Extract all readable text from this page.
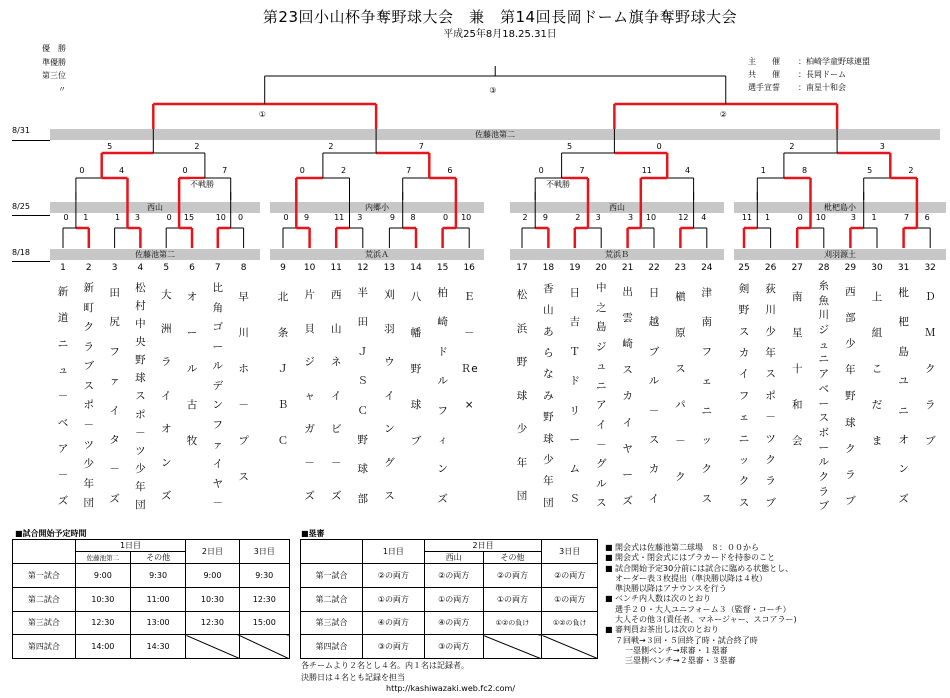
第23回小山杯争奪野球大会　兼　第14回長岡ドーム旗争奪野球大会
平成25年8月18.25.31日
優　勝
準優勝
第三位
〃
主　　催	：柏崎学童野球連盟
共　　催	：長岡ドーム
選手宣誓	：南星十和会
8/31
8/25
8/18
佐藤池第二
西山	内郷小	西山	枇杷島小
佐藤池第二	荒浜Ａ	荒浜Ｂ	刈羽源土
0	1	1	3	0	15	10	0	0	9	11	3	9	8	0	10	2	9	2	3	3	10	12	4	11	1	0	10	3	1	7	6
0	4	0	7	0	2	7	6	0	7	11	4	1	8	5	2
5	2	2	7	5	0	2	3
①	②
③
不戦勝	不戦勝
1
新道ニュ－ベア－ズ
2
新町クラブスポ－ツ少年団
3
田尻ファイタ－ズ
4
松村中央野球スポ－ツ少年団
5
大洲ライオンズ
6
オール古牧
7
比角ゴールデンファイヤ－
8
早川ホ－プス
9
北条ＪＢＣ
10
片貝ジャガ－ズ
11
西山ネイビ－ズ
12
半田ＪＳＣ野球部
13
刈羽ウイングス
14
八幡野球ブ
15
柏崎ドルフィンズ
16
Ｅ－Ｒe×
17
松浜野球少年団
18
香山あらなみ野球少年団
19
日吉ＴドリームＳ
20
中之島ジュニアイ－グルス
21
出雲崎スカイヤーズ
22
日越ブル－スカイ
23
槇原スパ－ク
24
津南フェニックス
25
剣野スカイフェニックス
26
荻川少年スポ－ツクラブ
27
南星十和会
28
糸魚川ジュニアベースボールクラブ
29
西部少年野球クラブ
30
上組こだま
31
枇杷島ユニオンズ
32
ＤＭクラブ
■試合開始予定時間
	1日目		2日目	3日目
	佐藤池第二	その他		
第一試合	9:00	9:30	9:00	9:30
第二試合	10:30	11:00	10:30	12:30
第三試合	12:30	13:00	12:30	15:00
第四試合	14:00	14:30		
■塁審
	1日目	2日目		3日目
		西山	その他	
第一試合	②の両方	②の両方	②の両方	②の両方
第二試合	①の両方	①の両方	①の両方	①の両方
第三試合	④の両方	④の両方	①②の負け	①②の負け
第四試合	③の両方	③の両方		
各チームより２名とし４名。内１名は記録者。
決勝日は４名とも記録を担当
http://kashiwazaki.web.fc2.com/
■ 開会式は佐藤池第二球場　８：００から
■ 開会式・閉会式にはプラカードを持参のこと
■ 試合開始予定30分前には試合に臨める状態とし、
オーダー表３枚提出（準決勝以降は４枚）
準決勝以降はアナウンスを行う
■ ベンチ内人数は次のとおり
選手２０・大人ユニフォーム３（監督・コーチ）
大人その他３(責任者、マネージャー、スコアラー)
■ 審判員お茶出しは次のとおり
７回戦→３回・５回終了時・試合終了時
一塁側ベンチ→球審・１塁審
三塁側ベンチ→２塁審・３塁審
